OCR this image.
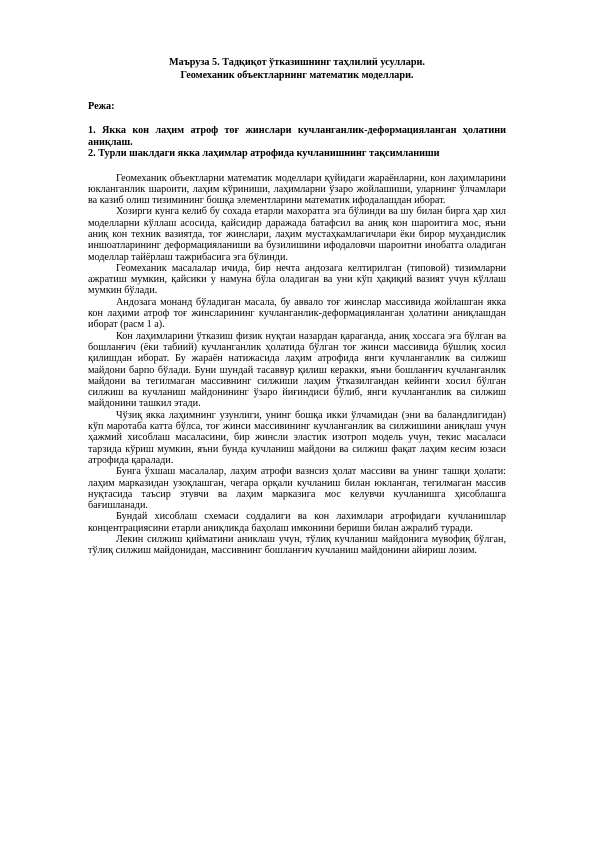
Маъруза 5. Тадқиқот ўтказишнинг таҳлилий усуллари.
Геомеханик объектларнинг математик моделлари.
Режа:

1. Якка кон лаҳим атроф тоғ жинслари кучланганлик-деформацияланган ҳолатини аниқлаш.

2. Турли шаклдаги якка лаҳимлар атрофида кучланишнинг тақсимланиши

Геомеханик объектларни математик моделлари қуйидаги жараёнларни, кон лаҳимларини юкланганлик шароити, лаҳим кўриниши, лаҳимларни ўзаро жойлашиши, уларнинг ўлчамлари ва казиб олиш тизимининг бошқа элементларини математик ифодалашдан иборат.

Хозирги кунга келиб бу сохада етарли махоратга эга бўлинди ва шу билан бирга ҳар хил моделларни кўллаш асосида, қайсидир даражада батафсил ва аниқ кон шароитига мос, яъни аниқ кон техник вазиятда, тоғ жинслари, лаҳим мустаҳкамлагичлари ёки бирор муҳандислик иншоатларининг деформацияланиши ва бузилишини ифодаловчи шароитни инобатга оладиган моделлар тайёрлаш тажрибасига эга бўлинди.

Геомеханик масалалар ичида, бир нечта андозага келтирилган (типовой) тизимларни ажратиш мумкин, қайсики у намуна бўла оладиган ва уни кўп ҳақиқий вазият учун кўллаш мумкин бўлади.

Андозага монанд бўладиган масала, бу аввало тоғ жинслар массивида жойлашган якка кон лаҳими атроф тоғ жинсларининг кучланганлик-деформацияланган ҳолатини аниқлашдан иборат (расм 1 а).

Кон лаҳимларини ўтказиш физик нуқтаи назардан қараганда, аниқ хоссага эга бўлган ва бошланғич (ёки табиий) кучланганлик ҳолатида бўлган тоғ жинси массивида бўшлиқ хосил қилишдан иборат. Бу жараён натижасида лаҳим атрофида янги кучланганлик ва силжиш майдони барпо бўлади. Буни шундай тасаввур қилиш керакки, яъни бошланғич кучланганлик майдони ва тегилмаган массивнинг силжиши лаҳим ўтказилгандан кейинги хосил бўлган силжиш ва кучланиш майдонининг ўзаро йиғиндиси бўлиб, янги кучланганлик ва силжиш майдонини ташкил этади.

Чўзиқ якка лаҳимнинг узунлиги, унинг бошқа икки ўлчамидан (эни ва баландлигидан) кўп маротаба катта бўлса, тоғ жинси массивининг кучланганлик ва силжишини аниқлаш учун ҳажмий хисоблаш масаласини, бир жинсли эластик изотроп модель учун, текис масалаcи тарзида кўриш мумкин, яъни бунда кучланиш майдони ва силжиш фақат лаҳим кесим юзаси атрофида қаралади.

Бунга ўхшаш масалалар, лаҳим атрофи вазнсиз ҳолат массиви ва унинг ташқи ҳолати: лаҳим марказидан узоқлашган, чегара орқали кучланиш билан юкланган, тегилмаган массив нуқтасида таъсир этувчи ва лаҳим марказига мос келувчи кучланишга ҳисоблашга бағишланади.

Бундай хисоблаш схемаси соддалиги ва кон лахимлари атрофидаги кучланишлар концентрациясини етарли аниқликда баҳолаш имконини бериши билан ажралиб туради.

Лекин силжиш қийматини аниклаш учун, тўлиқ кучланиш майдонига мувофиқ бўлган, тўлиқ силжиш майдонидан, массивнинг бошланғич кучланиш майдонини айириш лозим.
